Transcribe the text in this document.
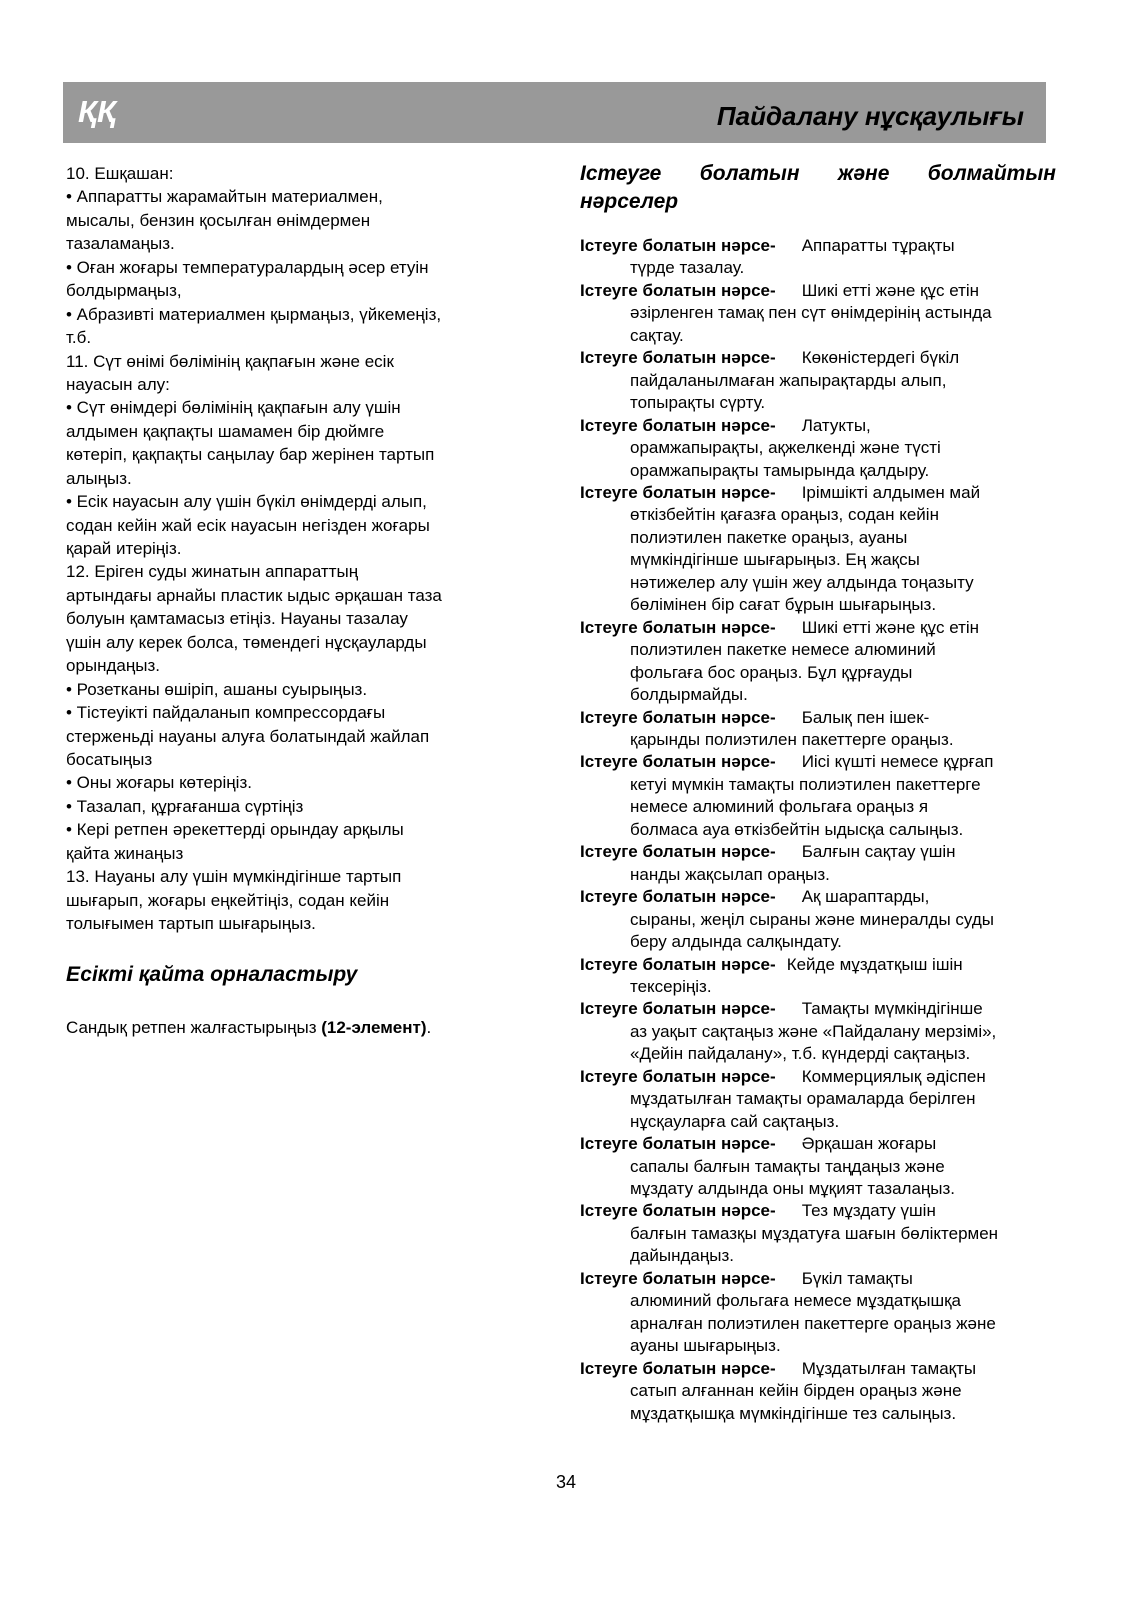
ҚҚ	Пайдалану нұсқаулығы
10. Ешқашан:
• Аппаратты жарамайтын материалмен,
мысалы, бензин қосылған өнімдермен
тазаламаңыз.
• Оған жоғары температуралардың әсер етуін
болдырмаңыз,
• Абразивті материалмен қырмаңыз, үйкемеңіз,
т.б.
11. Сүт өнімі бөлімінің қақпағын және есік
науасын алу:
• Сүт өнімдері бөлімінің қақпағын алу үшін
алдымен қақпақты шамамен бір дюймге
көтеріп, қақпақты саңылау бар жерінен тартып
алыңыз.
• Есік науасын алу үшін бүкіл өнімдерді алып,
содан кейін жай есік науасын негізден жоғары
қарай итеріңіз.
12. Еріген суды жинатын аппараттың
артындағы арнайы пластик ыдыс әрқашан таза
болуын қамтамасыз етіңіз. Науаны тазалау
үшін алу керек болса, төмендегі нұсқауларды
орындаңыз.
• Розетканы өшіріп, ашаны суырыңыз.
• Тістеуікті пайдаланып компрессордағы
стерженьді науаны алуға болатындай жайлап
босатыңыз
• Оны жоғары көтеріңіз.
• Тазалап, құрғағанша сүртіңіз
• Кері ретпен әрекеттерді орындау арқылы
қайта жинаңыз
13. Науаны алу үшін мүмкіндігінше тартып
шығарып, жоғары еңкейтіңіз, содан кейін
толығымен тартып шығарыңыз.
Есікті қайта орналастыру
Сандық ретпен жалғастырыңыз (12-элемент).
Істеуге болатын және болмайтын
нәрселер
Істеуге болатын нәрсе- Аппаратты тұрақты
түрде тазалау.
Істеуге болатын нәрсе- Шикі етті және құс етін
әзірленген тамақ пен сүт өнімдерінің астында
сақтау.
Істеуге болатын нәрсе- Көкөністердегі бүкіл
пайдаланылмаған жапырақтарды алып,
топырақты сүрту.
Істеуге болатын нәрсе- Латукты,
орамжапырақты, ақжелкенді және түсті
орамжапырақты тамырында қалдыру.
Істеуге болатын нәрсе- Ірімшікті алдымен май
өткізбейтін қағазға ораңыз, содан кейін
полиэтилен пакетке ораңыз, ауаны
мүмкіндігінше шығарыңыз. Ең жақсы
нәтижелер алу үшін жеу алдында тоңазыту
бөлімінен бір сағат бұрын шығарыңыз.
Істеуге болатын нәрсе- Шикі етті және құс етін
полиэтилен пакетке немесе алюминий
фольгаға бос ораңыз. Бұл құрғауды
болдырмайды.
Істеуге болатын нәрсе- Балық пен ішек-
қарынды полиэтилен пакеттерге ораңыз.
Істеуге болатын нәрсе- Иісі күшті немесе құрғап
кетуі мүмкін тамақты полиэтилен пакеттерге
немесе алюминий фольгаға ораңыз я
болмаса ауа өткізбейтін ыдысқа салыңыз.
Істеуге болатын нәрсе- Балғын сақтау үшін
нанды жақсылап ораңыз.
Істеуге болатын нәрсе- Ақ шараптарды,
сыраны, жеңіл сыраны және минералды суды
беру алдында салқындату.
Істеуге болатын нәрсе- Кейде мұздатқыш ішін
тексеріңіз.
Істеуге болатын нәрсе- Тамақты мүмкіндігінше
аз уақыт сақтаңыз және «Пайдалану мерзімі»,
«Дейін пайдалану», т.б. күндерді сақтаңыз.
Істеуге болатын нәрсе- Коммерциялық әдіспен
мұздатылған тамақты орамаларда берілген
нұсқауларға сай сақтаңыз.
Істеуге болатын нәрсе- Әрқашан жоғары
сапалы балғын тамақты таңдаңыз және
мұздату алдында оны мұқият тазалаңыз.
Істеуге болатын нәрсе- Тез мұздату үшін
балғын тамазқы мұздатуға шағын бөліктермен
дайындаңыз.
Істеуге болатын нәрсе- Бүкіл тамақты
алюминий фольгаға немесе мұздатқышқа
арналған полиэтилен пакеттерге ораңыз және
ауаны шығарыңыз.
Істеуге болатын нәрсе- Мұздатылған тамақты
сатып алғаннан кейін бірден ораңыз және
мұздатқышқа мүмкіндігінше тез салыңыз.
34
